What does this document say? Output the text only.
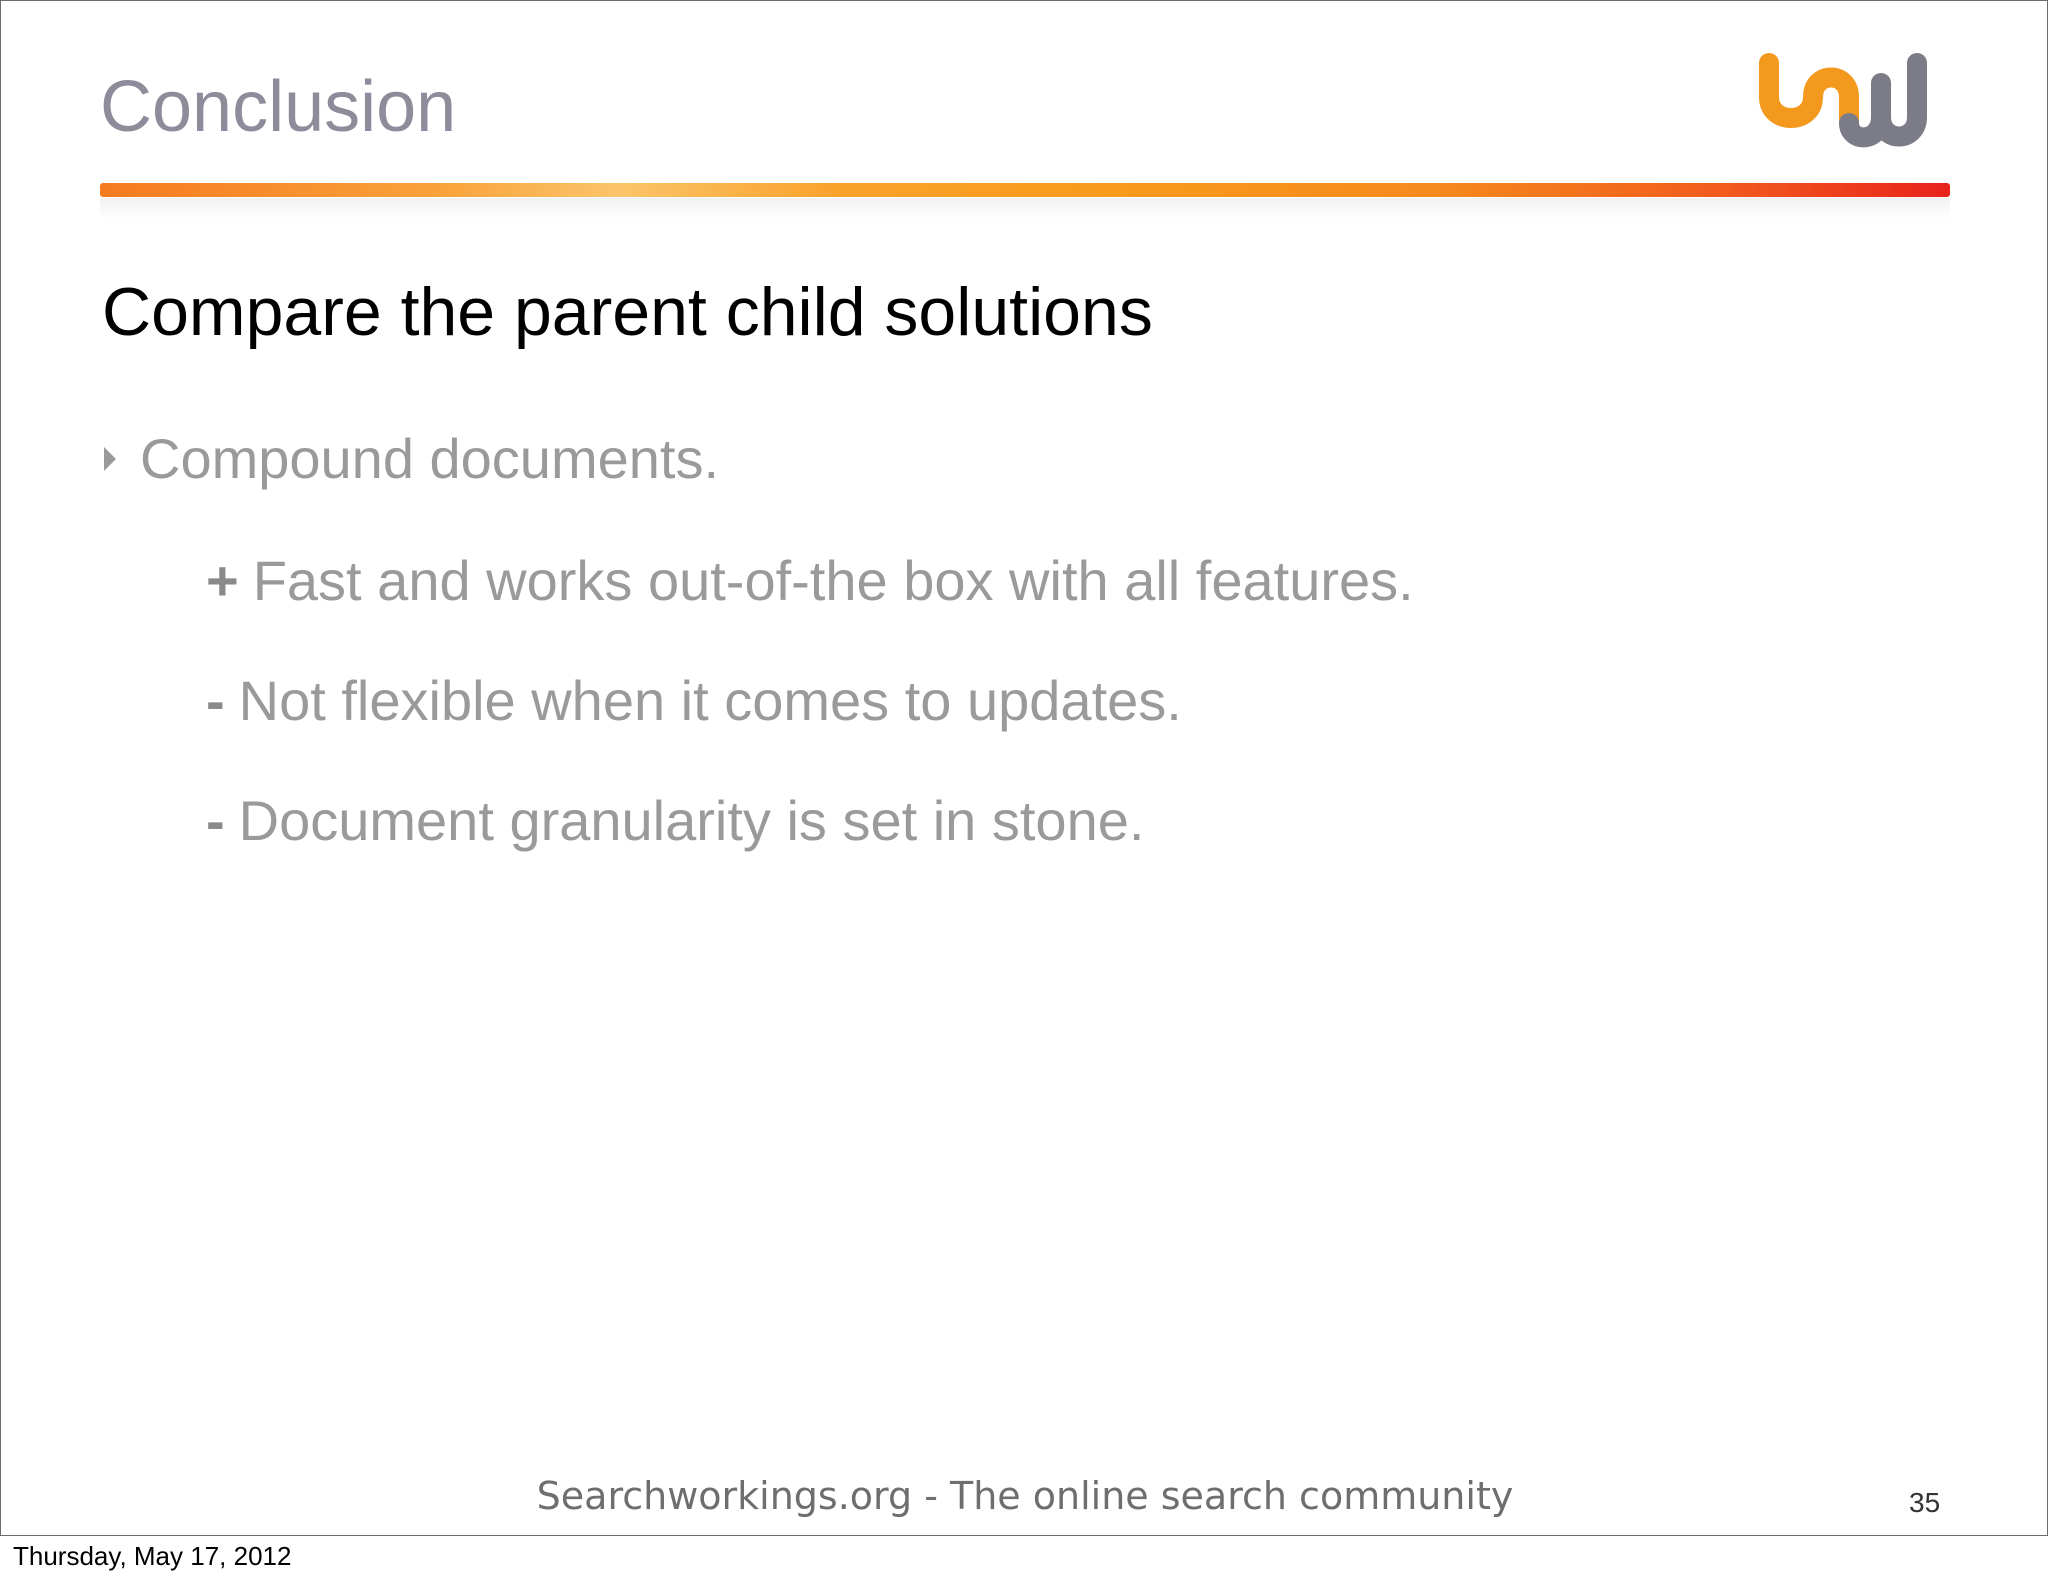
Conclusion
Compare the parent child solutions
Compound documents.
+ Fast and works out-of-the box with all features.
- Not flexible when it comes to updates.
- Document granularity is set in stone.
Searchworkings.org - The online search community	35
Thursday, May 17, 2012
